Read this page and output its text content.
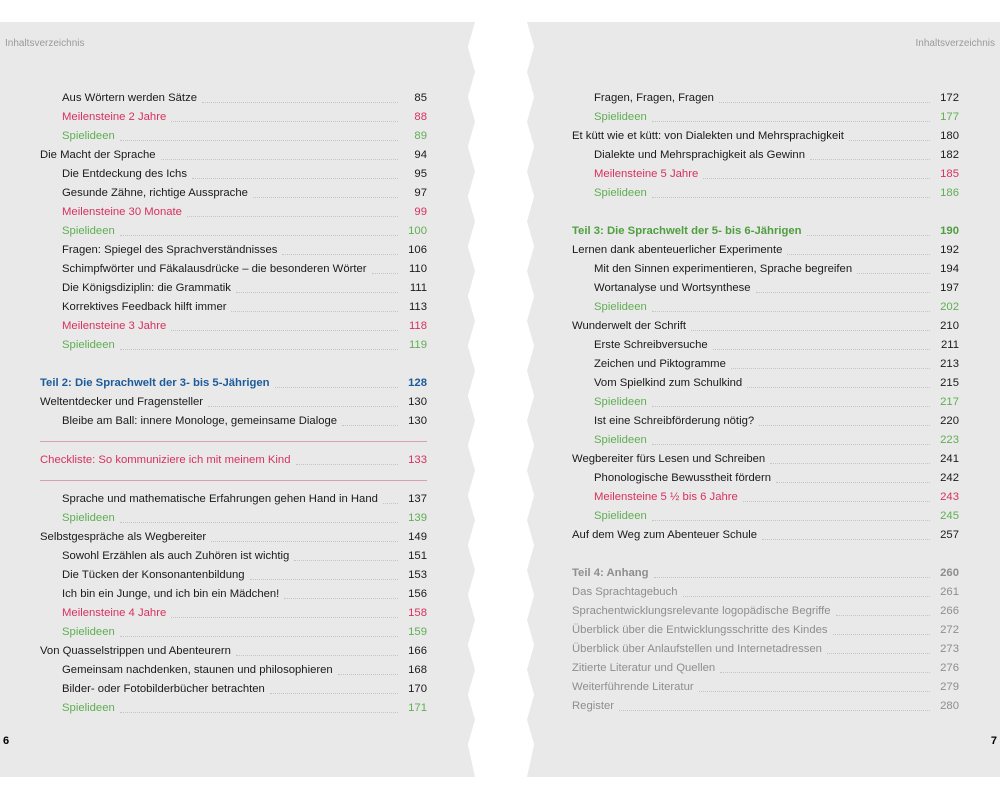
Inhaltsverzeichnis	Inhaltsverzeichnis
Aus Wörtern werden Sätze	85
Meilensteine 2 Jahre	88
Spielideen	89
Die Macht der Sprache	94
Die Entdeckung des Ichs	95
Gesunde Zähne, richtige Aussprache	97
Meilensteine 30 Monate	99
Spielideen	100
Fragen: Spiegel des Sprachverständnisses	106
Schimpfwörter und Fäkalausdrücke – die besonderen Wörter	110
Die Königsdiziplin: die Grammatik	111
Korrektives Feedback hilft immer	113
Meilensteine 3 Jahre	118
Spielideen	119
Teil 2: Die Sprachwelt der 3- bis 5-Jährigen	128
Weltentdecker und Fragensteller	130
Bleibe am Ball: innere Monologe, gemeinsame Dialoge	130
Checkliste: So kommuniziere ich mit meinem Kind	133
Sprache und mathematische Erfahrungen gehen Hand in Hand	137
Spielideen	139
Selbstgespräche als Wegbereiter	149
Sowohl Erzählen als auch Zuhören ist wichtig	151
Die Tücken der Konsonantenbildung	153
Ich bin ein Junge, und ich bin ein Mädchen!	156
Meilensteine 4 Jahre	158
Spielideen	159
Von Quasselstrippen und Abenteurern	166
Gemeinsam nachdenken, staunen und philosophieren	168
Bilder- oder Fotobilderbücher betrachten	170
Spielideen	171
Fragen, Fragen, Fragen	172
Spielideen	177
Et kütt wie et kütt: von Dialekten und Mehrsprachigkeit	180
Dialekte und Mehrsprachigkeit als Gewinn	182
Meilensteine 5 Jahre	185
Spielideen	186
Teil 3: Die Sprachwelt der 5- bis 6-Jährigen	190
Lernen dank abenteuerlicher Experimente	192
Mit den Sinnen experimentieren, Sprache begreifen	194
Wortanalyse und Wortsynthese	197
Spielideen	202
Wunderwelt der Schrift	210
Erste Schreibversuche	211
Zeichen und Piktogramme	213
Vom Spielkind zum Schulkind	215
Spielideen	217
Ist eine Schreibförderung nötig?	220
Spielideen	223
Wegbereiter fürs Lesen und Schreiben	241
Phonologische Bewusstheit fördern	242
Meilensteine 5 ½ bis 6 Jahre	243
Spielideen	245
Auf dem Weg zum Abenteuer Schule	257
Teil 4: Anhang	260
Das Sprachtagebuch	261
Sprachentwicklungsrelevante logopädische Begriffe	266
Überblick über die Entwicklungsschritte des Kindes	272
Überblick über Anlaufstellen und Internetadressen	273
Zitierte Literatur und Quellen	276
Weiterführende Literatur	279
Register	280
6	7
